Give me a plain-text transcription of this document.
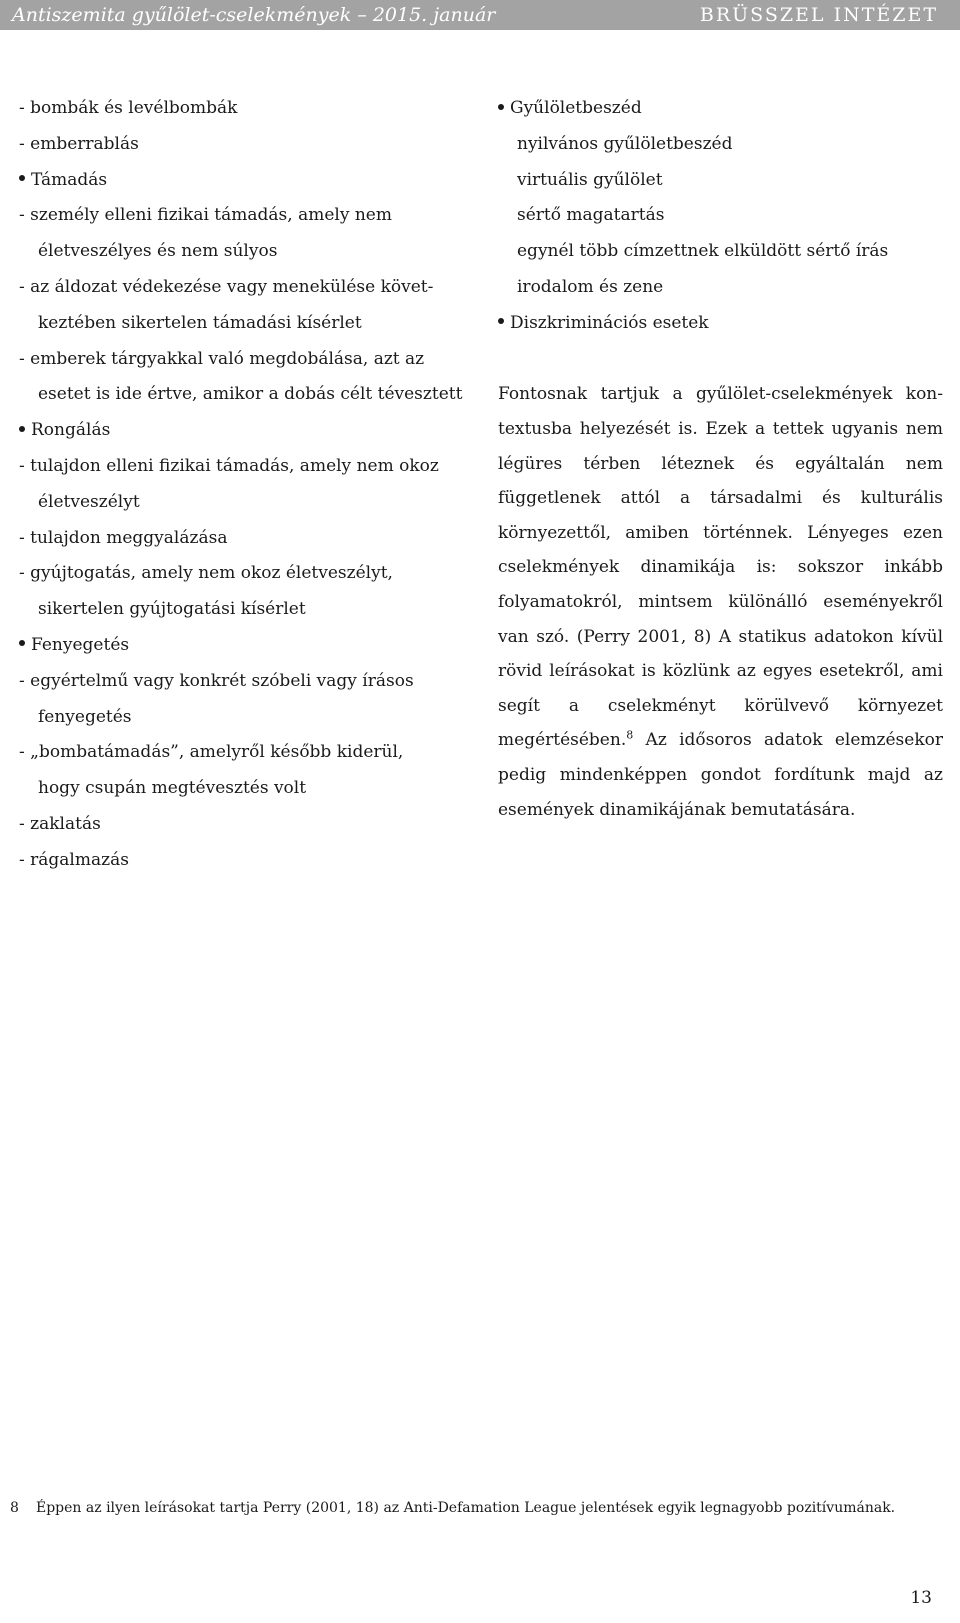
Antiszemita gyűlölet-cselekmények – 2015. január	BRÜSSZEL INTÉZET
- bombák és levélbombák
- emberrablás
Támadás
- személy elleni fizikai támadás, amely nem
életveszélyes és nem súlyos
- az áldozat védekezése vagy menekülése követ-
keztében sikertelen támadási kísérlet
- emberek tárgyakkal való megdobálása, azt az
esetet is ide értve, amikor a dobás célt tévesztett
Rongálás
- tulajdon elleni fizikai támadás, amely nem okoz
életveszélyt
- tulajdon meggyalázása
- gyújtogatás, amely nem okoz életveszélyt,
sikertelen gyújtogatási kísérlet
Fenyegetés
- egyértelmű vagy konkrét szóbeli vagy írásos
fenyegetés
- „bombatámadás”, amelyről később kiderül,
hogy csupán megtévesztés volt
- zaklatás
- rágalmazás
Gyűlöletbeszéd
nyilvános gyűlöletbeszéd
virtuális gyűlölet
sértő magatartás
egynél több címzettnek elküldött sértő írás
irodalom és zene
Diszkriminációs esetek
Fontosnak tartjuk a gyűlölet-cselekmények kon-textusba helyezését is. Ezek a tettek ugyanis nem légüres térben léteznek és egyáltalán nem függetlenek attól a társadalmi és kulturális környezettől, amiben történnek. Lényeges ezen cselekmények dinamikája is: sokszor inkább folyamatokról, mintsem különálló eseményekről van szó. (Perry 2001, 8) A statikus adatokon kívül rövid leírásokat is közlünk az egyes esetekről, ami segít a cselekményt körülvevő környezet megértésében.$^8$ Az idősoros adatok elemzésekor pedig mindenképpen gondot fordítunk majd az események dinamikájának bemutatására.
8 Éppen az ilyen leírásokat tartja Perry (2001, 18) az Anti-Defamation League jelentések egyik legnagyobb pozitívumának.
13
